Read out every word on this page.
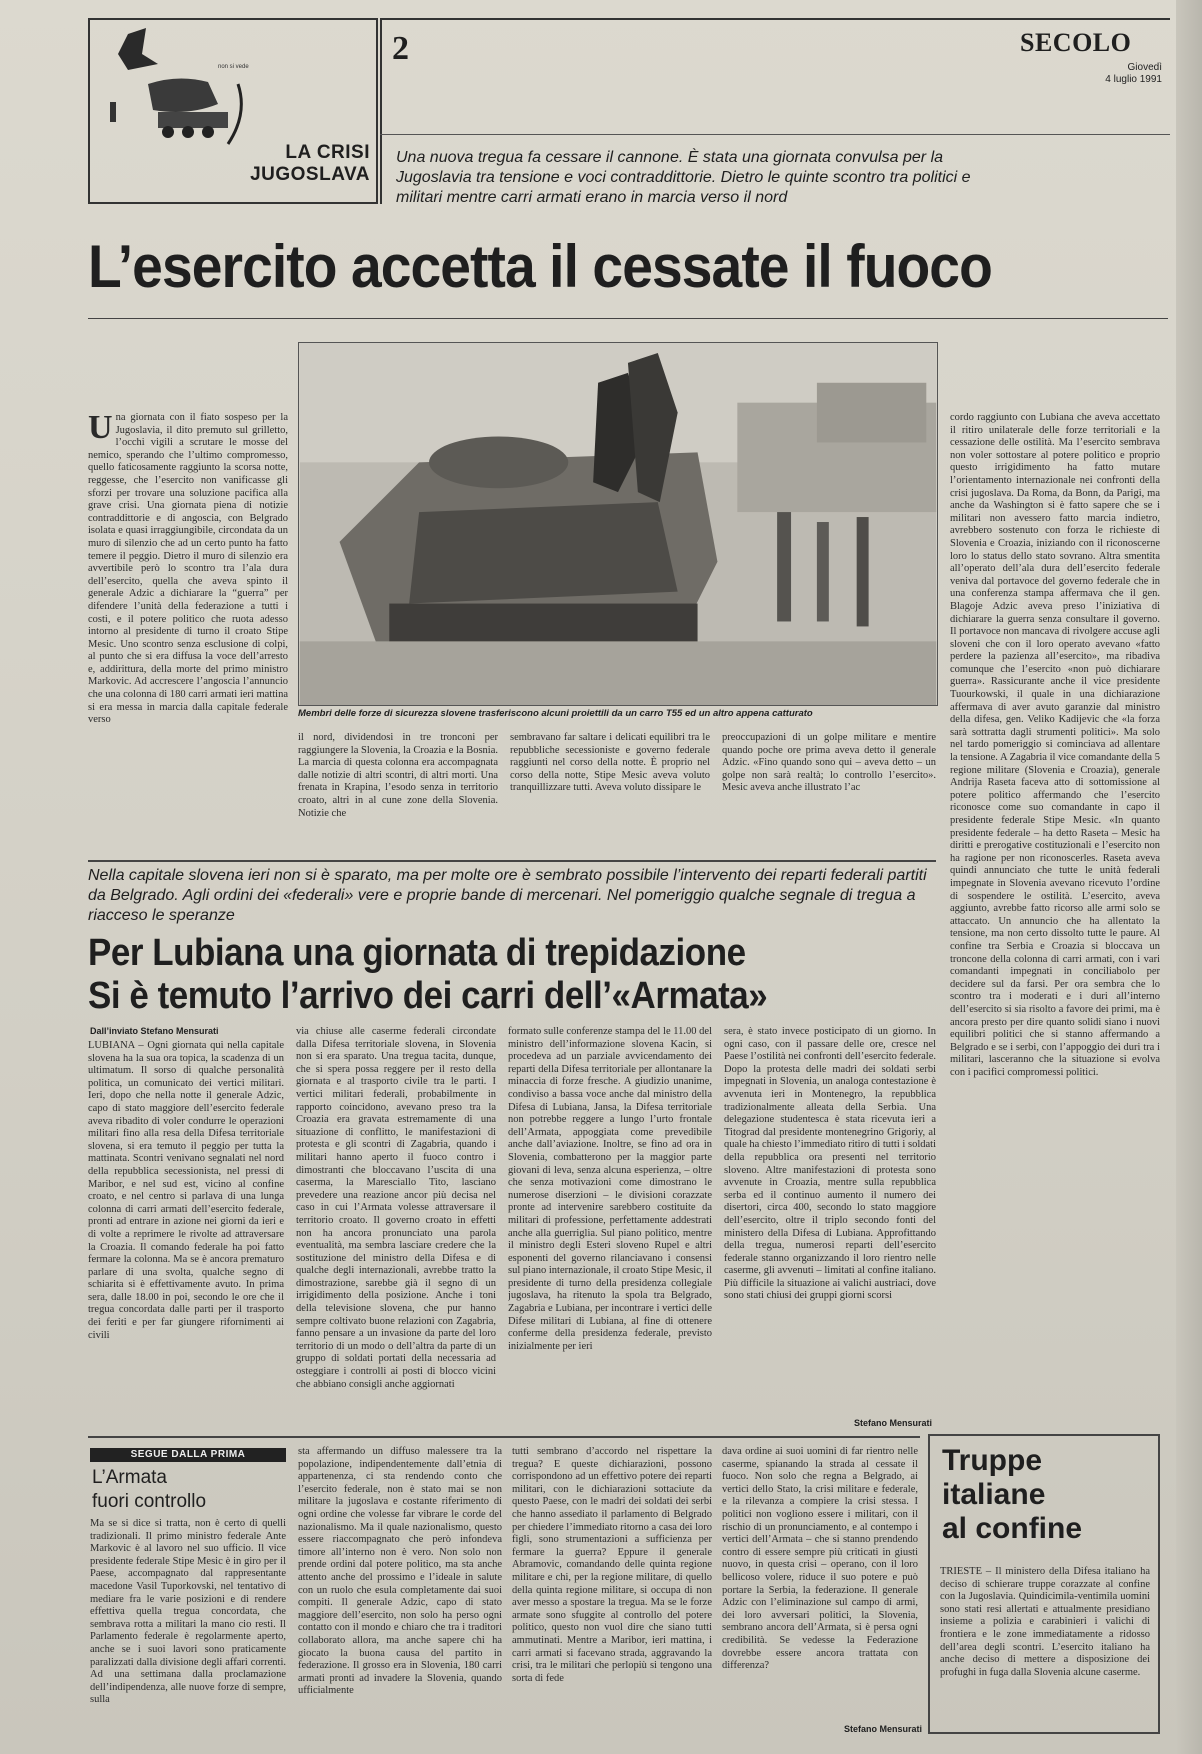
non si vede
LA CRISI
JUGOSLAVA
2	SECOLO
Giovedì
4 luglio 1991
Una nuova tregua fa cessare il cannone. È stata una giornata convulsa per la Jugoslavia tra tensione e voci contraddittorie. Dietro le quinte scontro tra politici e militari mentre carri armati erano in marcia verso il nord
L’esercito accetta il cessate il fuoco
Membri delle forze di sicurezza slovene trasferiscono alcuni proiettili da un carro T55 ed un altro appena catturato
Una giornata con il fiato sospeso per la Jugoslavia, il dito premuto sul grilletto, l’occhi vigili a scrutare le mosse del nemico, sperando che l’ultimo compromesso, quello faticosamente raggiunto la scorsa notte, reggesse, che l’esercito non vanificasse gli sforzi per trovare una soluzione pacifica alla grave crisi. Una giornata piena di notizie contraddittorie e di angoscia, con Belgrado isolata e quasi irraggiungibile, circondata da un muro di silenzio che ad un certo punto ha fatto temere il peggio. Dietro il muro di silenzio era avvertibile però lo scontro tra l’ala dura dell’esercito, quella che aveva spinto il generale Adzic a dichiarare la “guerra” per difendere l’unità della federazione a tutti i costi, e il potere politico che ruota adesso intorno al presidente di turno il croato Stipe Mesic. Uno scontro senza esclusione di colpi, al punto che si era diffusa la voce dell’arresto e, addirittura, della morte del primo ministro Markovic. Ad accrescere l’angoscia l’annuncio che una colonna di 180 carri armati ieri mattina si era messa in marcia dalla capitale federale verso
il nord, dividendosi in tre tronconi per raggiungere la Slovenia, la Croazia e la Bosnia. La marcia di questa colonna era accompagnata dalle notizie di altri scontri, di altri morti. Una frenata in Krapina, l’esodo senza in territorio croato, altri in al cune zone della Slovenia. Notizie che
sembravano far saltare i delicati equilibri tra le repubbliche secessioniste e governo federale raggiunti nel corso della notte. È proprio nel corso della notte, Stipe Mesic aveva voluto tranquillizzare tutti. Aveva voluto dissipare le
preoccupazioni di un golpe militare e mentire quando poche ore prima aveva detto il generale Adzic. «Fino quando sono qui – aveva detto – un golpe non sarà realtà; lo controllo l’esercito». Mesic aveva anche illustrato l’ac
cordo raggiunto con Lubiana che aveva accettato il ritiro unilaterale delle forze territoriali e la cessazione delle ostilità. Ma l’esercito sembrava non voler sottostare al potere politico e proprio questo irrigidimento ha fatto mutare l’orientamento internazionale nei confronti della crisi jugoslava. Da Roma, da Bonn, da Parigi, ma anche da Washington si è fatto sapere che se i militari non avessero fatto marcia indietro, avrebbero sostenuto con forza le richieste di Slovenia e Croazia, iniziando con il riconoscerne loro lo status dello stato sovrano. Altra smentita all’operato dell’ala dura dell’esercito federale veniva dal portavoce del governo federale che in una conferenza stampa affermava che il gen. Blagoje Adzic aveva preso l’iniziativa di dichiarare la guerra senza consultare il governo. Il portavoce non mancava di rivolgere accuse agli sloveni che con il loro operato avevano «fatto perdere la pazienza all’esercito», ma ribadiva comunque che l’esercito «non può dichiarare guerra». Rassicurante anche il vice presidente Tuourkowski, il quale in una dichiarazione affermava di aver avuto garanzie dal ministro della difesa, gen. Veliko Kadijevic che «la forza sarà sottratta dagli strumenti politici». Ma solo nel tardo pomeriggio si cominciava ad allentare la tensione. A Zagabria il vice comandante della 5 regione militare (Slovenia e Croazia), generale Andrija Raseta faceva atto di sottomissione al potere politico affermando che l’esercito riconosce come suo comandante in capo il presidente federale Stipe Mesic. «In quanto presidente federale – ha detto Raseta – Mesic ha diritti e prerogative costituzionali e l’esercito non ha ragione per non riconoscerles. Raseta aveva quindi annunciato che tutte le unità federali impegnate in Slovenia avevano ricevuto l’ordine di sospendere le ostilità. L’esercito, aveva aggiunto, avrebbe fatto ricorso alle armi solo se attaccato. Un annuncio che ha allentato la tensione, ma non certo dissolto tutte le paure. Al confine tra Serbia e Croazia si bloccava un troncone della colonna di carri armati, con i vari comandanti impegnati in conciliabolo per decidere sul da farsi. Per ora sembra che lo scontro tra i moderati e i duri all’interno dell’esercito si sia risolto a favore dei primi, ma è ancora presto per dire quanto solidi siano i nuovi equilibri politici che si stanno affermando a Belgrado e se i serbi, con l’appoggio dei duri tra i militari, lasceranno che la situazione si evolva con i pacifici compromessi politici.
Nella capitale slovena ieri non si è sparato, ma per molte ore è sembrato possibile l’intervento dei reparti federali partiti da Belgrado. Agli ordini dei «federali» vere e proprie bande di mercenari. Nel pomeriggio qualche segnale di tregua a riacceso le speranze
Per Lubiana una giornata di trepidazione
Si è temuto l’arrivo dei carri dell’«Armata»
Dall’inviato Stefano Mensurati
LUBIANA – Ogni giornata qui nella capitale slovena ha la sua ora topica, la scadenza di un ultimatum. Il sorso di qualche personalità politica, un comunicato dei vertici militari. Ieri, dopo che nella notte il generale Adzic, capo di stato maggiore dell’esercito federale aveva ribadito di voler condurre le operazioni militari fino alla resa della Difesa territoriale slovena, si era temuto il peggio per tutta la mattinata. Scontri venivano segnalati nel nord della repubblica secessionista, nel pressi di Maribor, e nel sud est, vicino al confine croato, e nel centro si parlava di una lunga colonna di carri armati dell’esercito federale, pronti ad entrare in azione nei giorni da ieri e di volte a reprimere le rivolte ad attraversare la Croazia. Il comando federale ha poi fatto fermare la colonna. Ma se è ancora prematuro parlare di una svolta, qualche segno di schiarita si è effettivamente avuto. In prima sera, dalle 18.00 in poi, secondo le ore che il tregua concordata dalle parti per il trasporto dei feriti e per far giungere rifornimenti ai civili
via chiuse alle caserme federali circondate dalla Difesa territoriale slovena, in Slovenia non si era sparato. Una tregua tacita, dunque, che si spera possa reggere per il resto della giornata e al trasporto civile tra le parti. I vertici militari federali, probabilmente in rapporto coincidono, avevano preso tra la Croazia era gravata estremamente di una situazione di conflitto, le manifestazioni di protesta e gli scontri di Zagabria, quando i militari hanno aperto il fuoco contro i dimostranti che bloccavano l’uscita di una caserma, la Maresciallo Tito, lasciano prevedere una reazione ancor più decisa nel caso in cui l’Armata volesse attraversare il territorio croato. Il governo croato in effetti non ha ancora pronunciato una parola eventualità, ma sembra lasciare credere che la sostituzione del ministro della Difesa e di qualche degli internazionali, avrebbe tratto la dimostrazione, sarebbe già il segno di un irrigidimento della posizione. Anche i toni della televisione slovena, che pur hanno sempre coltivato buone relazioni con Zagabria, fanno pensare a un invasione da parte del loro territorio di un modo o dell’altra da parte di un gruppo di soldati portati della necessaria ad osteggiare i controlli ai posti di blocco vicini che abbiano consigli anche aggiornati
formato sulle conferenze stampa del le 11.00 del ministro dell’informazione slovena Kacin, si procedeva ad un parziale avvicendamento dei reparti della Difesa territoriale per allontanare la minaccia di forze fresche. A giudizio unanime, condiviso a bassa voce anche dal ministro della Difesa di Lubiana, Jansa, la Difesa territoriale non potrebbe reggere a lungo l’urto frontale dell’Armata, appoggiata come prevedibile anche dall’aviazione. Inoltre, se fino ad ora in Slovenia, combatterono per la maggior parte giovani di leva, senza alcuna esperienza, – oltre che senza motivazioni come dimostrano le numerose diserzioni – le divisioni corazzate pronte ad intervenire sarebbero costituite da militari di professione, perfettamente addestrati anche alla guerriglia. Sul piano politico, mentre il ministro degli Esteri sloveno Rupel e altri esponenti del governo rilanciavano i consensi sul piano internazionale, il croato Stipe Mesic, il presidente di turno della presidenza collegiale jugoslava, ha ritenuto la spola tra Belgrado, Zagabria e Lubiana, per incontrare i vertici delle Difese militari di Lubiana, al fine di ottenere conferme della presidenza federale, previsto inizialmente per ieri
sera, è stato invece posticipato di un giorno. In ogni caso, con il passare delle ore, cresce nel Paese l’ostilità nei confronti dell’esercito federale. Dopo la protesta delle madri dei soldati serbi impegnati in Slovenia, un analoga contestazione è avvenuta ieri in Montenegro, la repubblica tradizionalmente alleata della Serbia. Una delegazione studentesca è stata ricevuta ieri a Titograd dal presidente montenegrino Grigoriy, al quale ha chiesto l’immediato ritiro di tutti i soldati della repubblica ora presenti nel territorio sloveno. Altre manifestazioni di protesta sono avvenute in Croazia, mentre sulla repubblica serba ed il continuo aumento il numero dei disertori, circa 400, secondo lo stato maggiore dell’esercito, oltre il triplo secondo fonti del ministero della Difesa di Lubiana. Approfittando della tregua, numerosi reparti dell’esercito federale stanno organizzando il loro rientro nelle caserme, gli avvenuti – limitati al confine italiano. Più difficile la situazione ai valichi austriaci, dove sono stati chiusi dei gruppi giorni scorsi
SEGUE DALLA PRIMA
L’Armata
fuori controllo
Ma se si dice si tratta, non è certo di quelli tradizionali. Il primo ministro federale Ante Markovic è al lavoro nel suo ufficio. Il vice presidente federale Stipe Mesic è in giro per il Paese, accompagnato dal rappresentante macedone Vasil Tuporkovski, nel tentativo di mediare fra le varie posizioni e di rendere effettiva quella tregua concordata, che sembrava rotta a militari la mano cio resti. Il Parlamento federale è regolarmente aperto, anche se i suoi lavori sono praticamente paralizzati dalla divisione degli affari correnti. Ad una settimana dalla proclamazione dell’indipendenza, alle nuove forze di sempre, sulla
sta affermando un diffuso malessere tra la popolazione, indipendentemente dall’etnia di appartenenza, ci sta rendendo conto che l’esercito federale, non è stato mai se non militare la jugoslava e costante riferimento di ogni ordine che volesse far vibrare le corde del nazionalismo. Ma il quale nazionalismo, questo essere riaccompagnato che però infondeva timore all’interno non è vero. Non solo non prende ordini dal potere politico, ma sta anche attento anche del prossimo e l’ideale in salute con un ruolo che esula completamente dai suoi compiti. Il generale Adzic, capo di stato maggiore dell’esercito, non solo ha perso ogni contatto con il mondo e chiaro che tra i traditori collaborato allora, ma anche sapere chi ha giocato la buona causa del partito in federazione. Il grosso era in Slovenia, 180 carri armati pronti ad invadere la Slovenia, quando ufficialmente
tutti sembrano d’accordo nel rispettare la tregua? E queste dichiarazioni, possono corrispondono ad un effettivo potere dei reparti militari, con le dichiarazioni sottaciute da questo Paese, con le madri dei soldati dei serbi che hanno assediato il parlamento di Belgrado per chiedere l’immediato ritorno a casa dei loro figli, sono strumentazioni a sufficienza per fermare la guerra? Eppure il generale Abramovic, comandando delle quinta regione militare e chi, per la regione militare, di quello della quinta regione militare, si occupa di non aver messo a spostare la tregua. Ma se le forze armate sono sfuggite al controllo del potere politico, questo non vuol dire che siano tutti ammutinati. Mentre a Maribor, ieri mattina, i carri armati si facevano strada, aggravando la crisi, tra le militari che perlopiù si tengono una sorta di fede
dava ordine ai suoi uomini di far rientro nelle caserme, spianando la strada al cessate il fuoco. Non solo che regna a Belgrado, ai vertici dello Stato, la crisi militare e federale, e la rilevanza a compiere la crisi stessa. I politici non vogliono essere i militari, con il rischio di un pronunciamento, e al contempo i vertici dell’Armata – che si stanno prendendo contro di essere sempre più criticati in giusti nuovo, in questa crisi – operano, con il loro bellicoso volere, riduce il suo potere e può portare la Serbia, la federazione. Il generale Adzic con l’eliminazione sul campo di armi, dei loro avversari politici, la Slovenia, sembrano ancora dell’Armata, si è persa ogni credibilità. Se vedesse la Federazione dovrebbe essere ancora trattata con differenza?
Stefano Mensurati
Stefano Mensurati
Truppe
italiane
al confine
TRIESTE – Il ministero della Difesa italiano ha deciso di schierare truppe corazzate al confine con la Jugoslavia. Quindicimila-ventimila uomini sono stati resi allertati e attualmente presidiano insieme a polizia e carabinieri i valichi di frontiera e le zone immediatamente a ridosso dell’area degli scontri. L’esercito italiano ha anche deciso di mettere a disposizione dei profughi in fuga dalla Slovenia alcune caserme.
